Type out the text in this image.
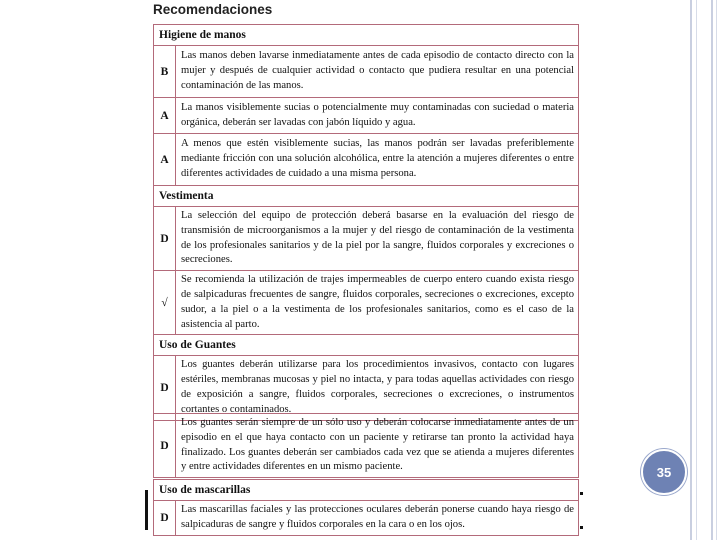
Recomendaciones
Higiene de manos	
B	Las manos deben lavarse inmediatamente antes de cada episodio de contacto directo con la mujer y después de cualquier actividad o contacto que pudiera resultar en una potencial contaminación de las manos.
A	La manos visiblemente sucias o potencialmente muy contaminadas con suciedad o materia orgánica, deberán ser lavadas con jabón líquido y agua.
A	A menos que estén visiblemente sucias, las manos podrán ser lavadas preferiblemente mediante fricción con una solución alcohólica, entre la atención a mujeres diferentes o entre diferentes actividades de cuidado a una misma persona.
Vestimenta	
D	La selección del equipo de protección deberá basarse en la evaluación del riesgo de transmisión de microorganismos a la mujer y del riesgo de contaminación de la vestimenta de los profesionales sanitarios y de la piel por la sangre, fluidos corporales y excreciones o secreciones.
√	Se recomienda la utilización de trajes impermeables de cuerpo entero cuando exista riesgo de salpicaduras frecuentes de sangre, fluidos corporales, secreciones o excreciones, excepto sudor, a la piel o a la vestimenta de los profesionales sanitarios, como es el caso de la asistencia al parto.
Uso de Guantes	
D	Los guantes deberán utilizarse para los procedimientos invasivos, contacto con lugares estériles, membranas mucosas y piel no intacta, y para todas aquellas actividades con riesgo de exposición a sangre, fluidos corporales, secreciones o excreciones, o instrumentos cortantes o contaminados.
D	Los guantes serán siempre de un sólo uso y deberán colocarse inmediatamente antes de un episodio en el que haya contacto con un paciente y retirarse tan pronto la actividad haya finalizado. Los guantes deberán ser cambiados cada vez que se atienda a mujeres diferentes y entre actividades diferentes en un mismo paciente.
Uso de mascarillas
D	Las mascarillas faciales y las protecciones oculares deberán ponerse cuando haya riesgo de salpicaduras de sangre y fluidos corporales en la cara o en los ojos.
35
